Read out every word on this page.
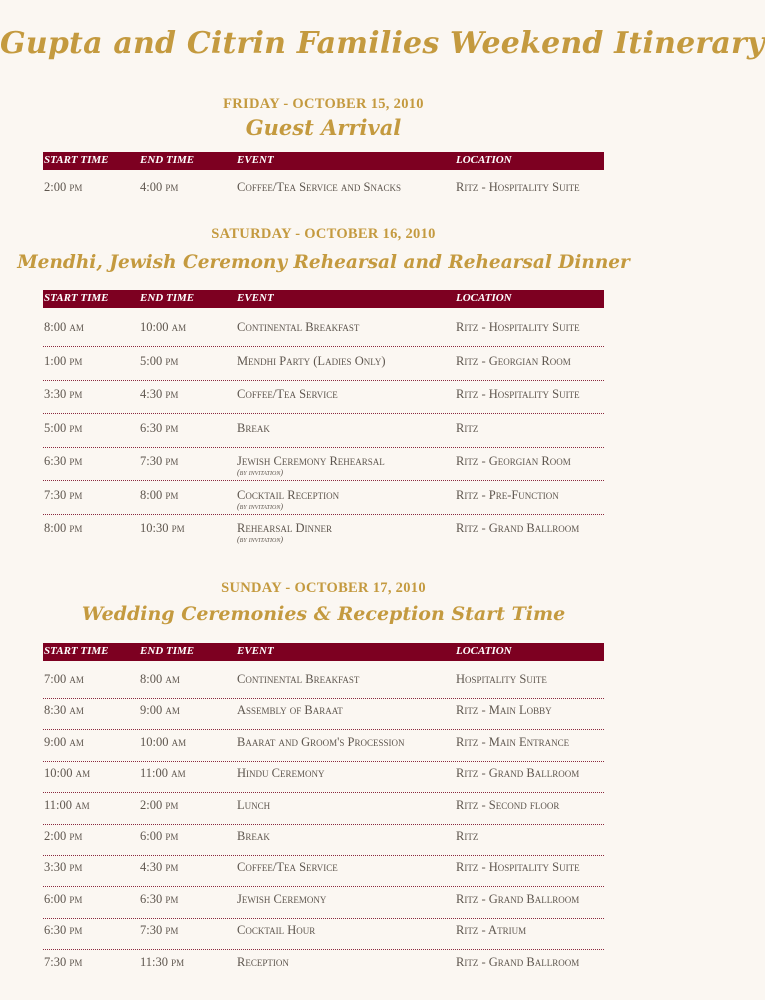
Gupta and Citrin Families Weekend Itinerary
FRIDAY - OCTOBER 15, 2010
Guest Arrival
START TIME	END TIME	EVENT	LOCATION
2:00 pm	4:00 pm	Coffee/Tea Service and Snacks	Ritz - Hospitality Suite
SATURDAY - OCTOBER 16, 2010
Mendhi, Jewish Ceremony Rehearsal and Rehearsal Dinner
START TIME	END TIME	EVENT	LOCATION
8:00 am	10:00 am	Continental Breakfast	Ritz - Hospitality Suite
1:00 pm	5:00 pm	Mendhi Party (Ladies Only)	Ritz - Georgian Room
3:30 pm	4:30 pm	Coffee/Tea Service	Ritz - Hospitality Suite
5:00 pm	6:30 pm	Break	Ritz
6:30 pm	7:30 pm	Jewish Ceremony Rehearsal	Ritz - Georgian Room
(by invitation)
7:30 pm	8:00 pm	Cocktail Reception	Ritz - Pre-Function
(by invitation)
8:00 pm	10:30 pm	Rehearsal Dinner	Ritz - Grand Ballroom
(by invitation)
SUNDAY - OCTOBER 17, 2010
Wedding Ceremonies & Reception Start Time
START TIME	END TIME	EVENT	LOCATION
7:00 am	8:00 am	Continental Breakfast	Hospitality Suite
8:30 am	9:00 am	Assembly of Baraat	Ritz - Main Lobby
9:00 am	10:00 am	Baarat and Groom's Procession	Ritz - Main Entrance
10:00 am	11:00 am	Hindu Ceremony	Ritz - Grand Ballroom
11:00 am	2:00 pm	Lunch	Ritz - Second floor
2:00 pm	6:00 pm	Break	Ritz
3:30 pm	4:30 pm	Coffee/Tea Service	Ritz - Hospitality Suite
6:00 pm	6:30 pm	Jewish Ceremony	Ritz - Grand Ballroom
6:30 pm	7:30 pm	Cocktail Hour	Ritz - Atrium
7:30 pm	11:30 pm	Reception	Ritz - Grand Ballroom
